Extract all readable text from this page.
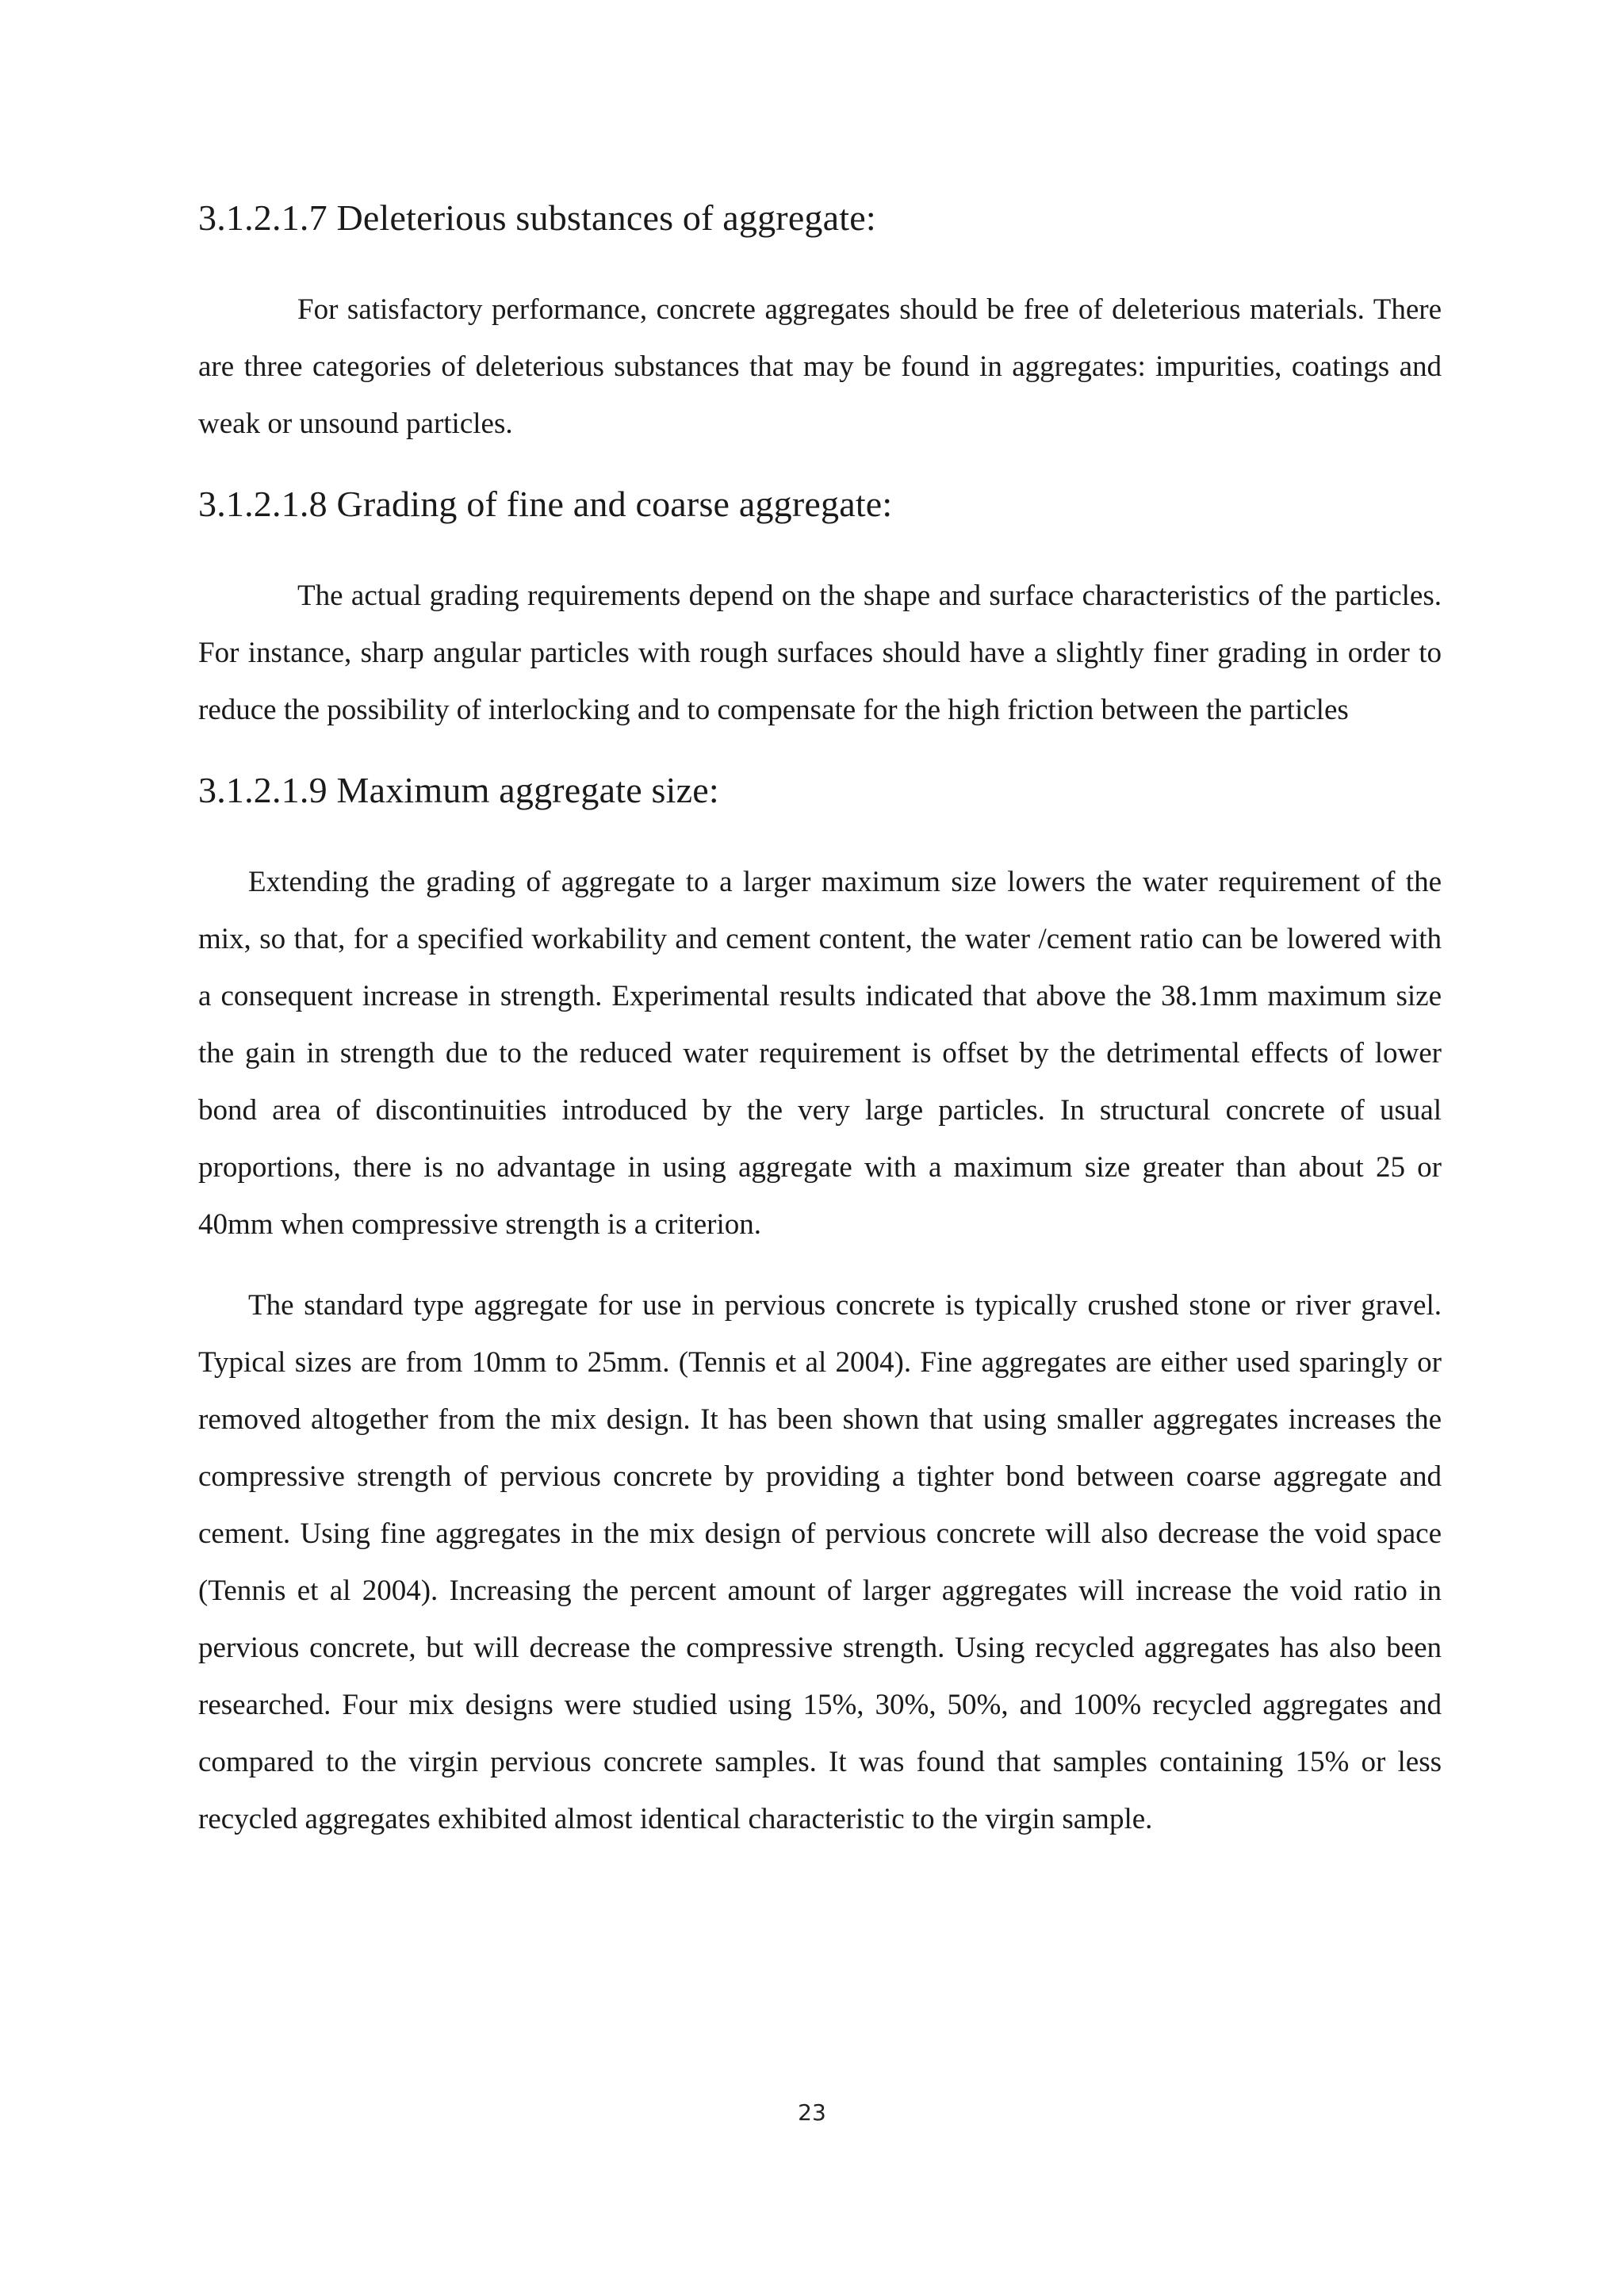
3.1.2.1.7 Deleterious substances of aggregate:

For satisfactory performance, concrete aggregates should be free of deleterious materials. There are three categories of deleterious substances that may be found in aggregates: impurities, coatings and weak or unsound particles.

3.1.2.1.8 Grading of fine and coarse aggregate:

The actual grading requirements depend on the shape and surface characteristics of the particles. For instance, sharp angular particles with rough surfaces should have a slightly finer grading in order to reduce the possibility of interlocking and to compensate for the high friction between the particles

3.1.2.1.9 Maximum aggregate size:

Extending the grading of aggregate to a larger maximum size lowers the water requirement of the mix, so that, for a specified workability and cement content, the water /cement ratio can be lowered with a consequent increase in strength. Experimental results indicated that above the 38.1mm maximum size the gain in strength due to the reduced water requirement is offset by the detrimental effects of lower bond area of discontinuities introduced by the very large particles. In structural concrete of usual proportions, there is no advantage in using aggregate with a maximum size greater than about 25 or 40mm when compressive strength is a criterion.

The standard type aggregate for use in pervious concrete is typically crushed stone or river gravel. Typical sizes are from 10mm to 25mm. (Tennis et al 2004). Fine aggregates are either used sparingly or removed altogether from the mix design. It has been shown that using smaller aggregates increases the compressive strength of pervious concrete by providing a tighter bond between coarse aggregate and cement. Using fine aggregates in the mix design of pervious concrete will also decrease the void space (Tennis et al 2004). Increasing the percent amount of larger aggregates will increase the void ratio in pervious concrete, but will decrease the compressive strength. Using recycled aggregates has also been researched. Four mix designs were studied using 15%, 30%, 50%, and 100% recycled aggregates and compared to the virgin pervious concrete samples. It was found that samples containing 15% or less recycled aggregates exhibited almost identical characteristic to the virgin sample.

23
